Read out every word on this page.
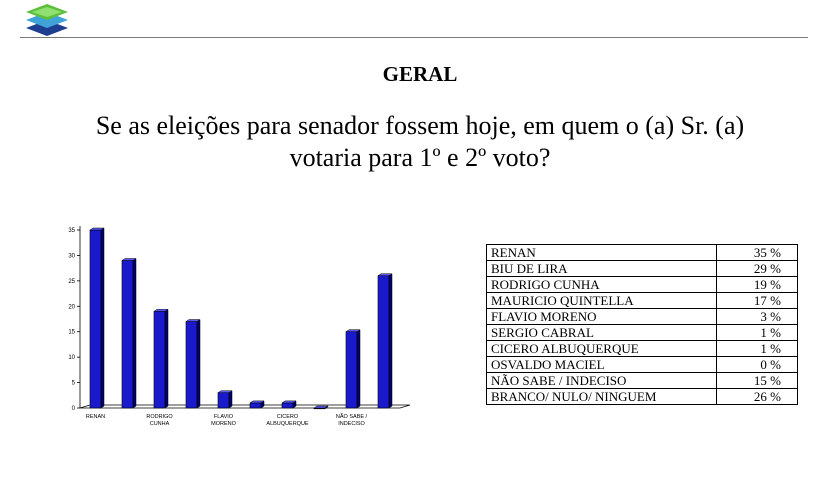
GERAL
Se as eleições para senador fossem hoje, em quem o (a) Sr. (a)
votaria para 1º e 2º voto?
0
5
10
15
20
25
30
35
RENAN	RODRIGO
CUNHA
FLAVIO
MORENO
CICERO
ALBUQUERQUE
NÃO SABE /
INDECISO
RENAN	35 %
BIU DE LIRA	29 %
RODRIGO CUNHA	19 %
MAURICIO QUINTELLA	17 %
FLAVIO MORENO	3 %
SERGIO CABRAL	1 %
CICERO ALBUQUERQUE	1 %
OSVALDO MACIEL	0 %
NÃO SABE / INDECISO	15 %
BRANCO/ NULO/ NINGUEM	26 %
